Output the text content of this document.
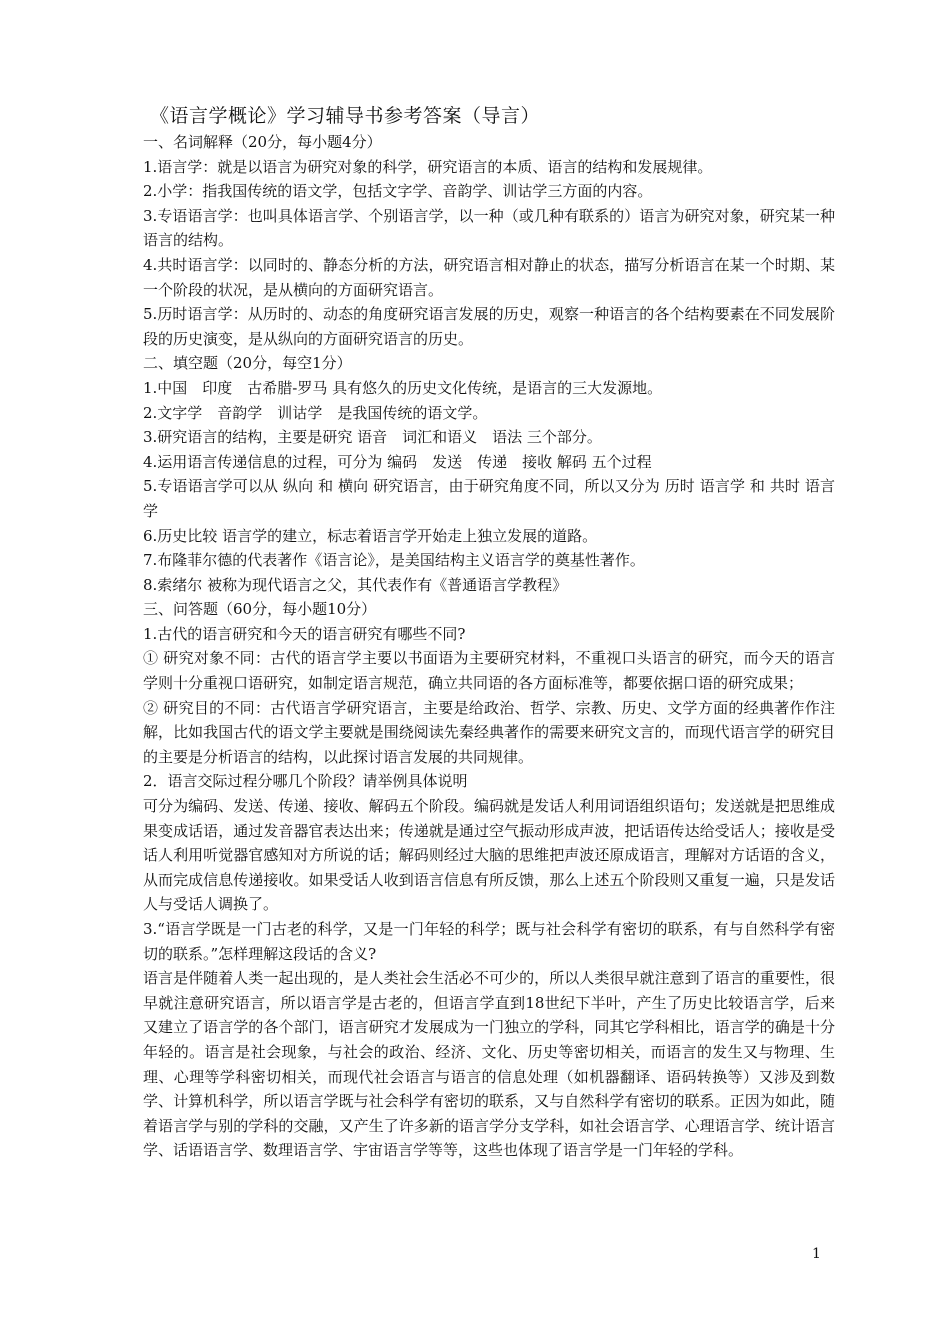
《语言学概论》学习辅导书参考答案（导言）

一、名词解释（20分，每小题4分）

1.语言学：就是以语言为研究对象的科学，研究语言的本质、语言的结构和发展规律。

2.小学：指我国传统的语文学，包括文字学、音韵学、训诂学三方面的内容。

3.专语语言学：也叫具体语言学、个别语言学，以一种（或几种有联系的）语言为研究对象，研究某一种语言的结构。

4.共时语言学：以同时的、静态分析的方法，研究语言相对静止的状态，描写分析语言在某一个时期、某一个阶段的状况，是从横向的方面研究语言。

5.历时语言学：从历时的、动态的角度研究语言发展的历史，观察一种语言的各个结构要素在不同发展阶段的历史演变，是从纵向的方面研究语言的历史。

二、填空题（20分，每空1分）

1.中国　印度　古希腊-罗马 具有悠久的历史文化传统，是语言的三大发源地。

2.文字学　音韵学　训诂学　是我国传统的语文学。

3.研究语言的结构，主要是研究 语音　词汇和语义　语法 三个部分。

4.运用语言传递信息的过程，可分为 编码　发送　传递　接收 解码 五个过程

5.专语语言学可以从 纵向 和 横向 研究语言，由于研究角度不同，所以又分为 历时 语言学 和 共时 语言学

6.历史比较 语言学的建立，标志着语言学开始走上独立发展的道路。

7.布隆菲尔德的代表著作《语言论》，是美国结构主义语言学的奠基性著作。

8.索绪尔 被称为现代语言之父，其代表作有《普通语言学教程》

三、问答题（60分，每小题10分）

1.古代的语言研究和今天的语言研究有哪些不同?

① 研究对象不同：古代的语言学主要以书面语为主要研究材料，不重视口头语言的研究，而今天的语言学则十分重视口语研究，如制定语言规范，确立共同语的各方面标准等，都要依据口语的研究成果；

② 研究目的不同：古代语言学研究语言，主要是给政治、哲学、宗教、历史、文学方面的经典著作作注解，比如我国古代的语文学主要就是围绕阅读先秦经典著作的需要来研究文言的，而现代语言学的研究目的主要是分析语言的结构，以此探讨语言发展的共同规律。

2．语言交际过程分哪几个阶段？请举例具体说明

可分为编码、发送、传递、接收、解码五个阶段。编码就是发话人利用词语组织语句；发送就是把思维成果变成话语，通过发音器官表达出来；传递就是通过空气振动形成声波，把话语传达给受话人；接收是受话人利用听觉器官感知对方所说的话；解码则经过大脑的思维把声波还原成语言，理解对方话语的含义，从而完成信息传递接收。如果受话人收到语言信息有所反馈，那么上述五个阶段则又重复一遍，只是发话人与受话人调换了。

3.“语言学既是一门古老的科学，又是一门年轻的科学；既与社会科学有密切的联系，有与自然科学有密切的联系。”怎样理解这段话的含义?

语言是伴随着人类一起出现的，是人类社会生活必不可少的，所以人类很早就注意到了语言的重要性，很早就注意研究语言，所以语言学是古老的，但语言学直到18世纪下半叶，产生了历史比较语言学，后来又建立了语言学的各个部门，语言研究才发展成为一门独立的学科，同其它学科相比，语言学的确是十分年轻的。语言是社会现象，与社会的政治、经济、文化、历史等密切相关，而语言的发生又与物理、生理、心理等学科密切相关，而现代社会语言与语言的信息处理（如机器翻译、语码转换等）又涉及到数学、计算机科学，所以语言学既与社会科学有密切的联系，又与自然科学有密切的联系。正因为如此，随着语言学与别的学科的交融，又产生了许多新的语言学分支学科，如社会语言学、心理语言学、统计语言学、话语语言学、数理语言学、宇宙语言学等等，这些也体现了语言学是一门年轻的学科。

1
